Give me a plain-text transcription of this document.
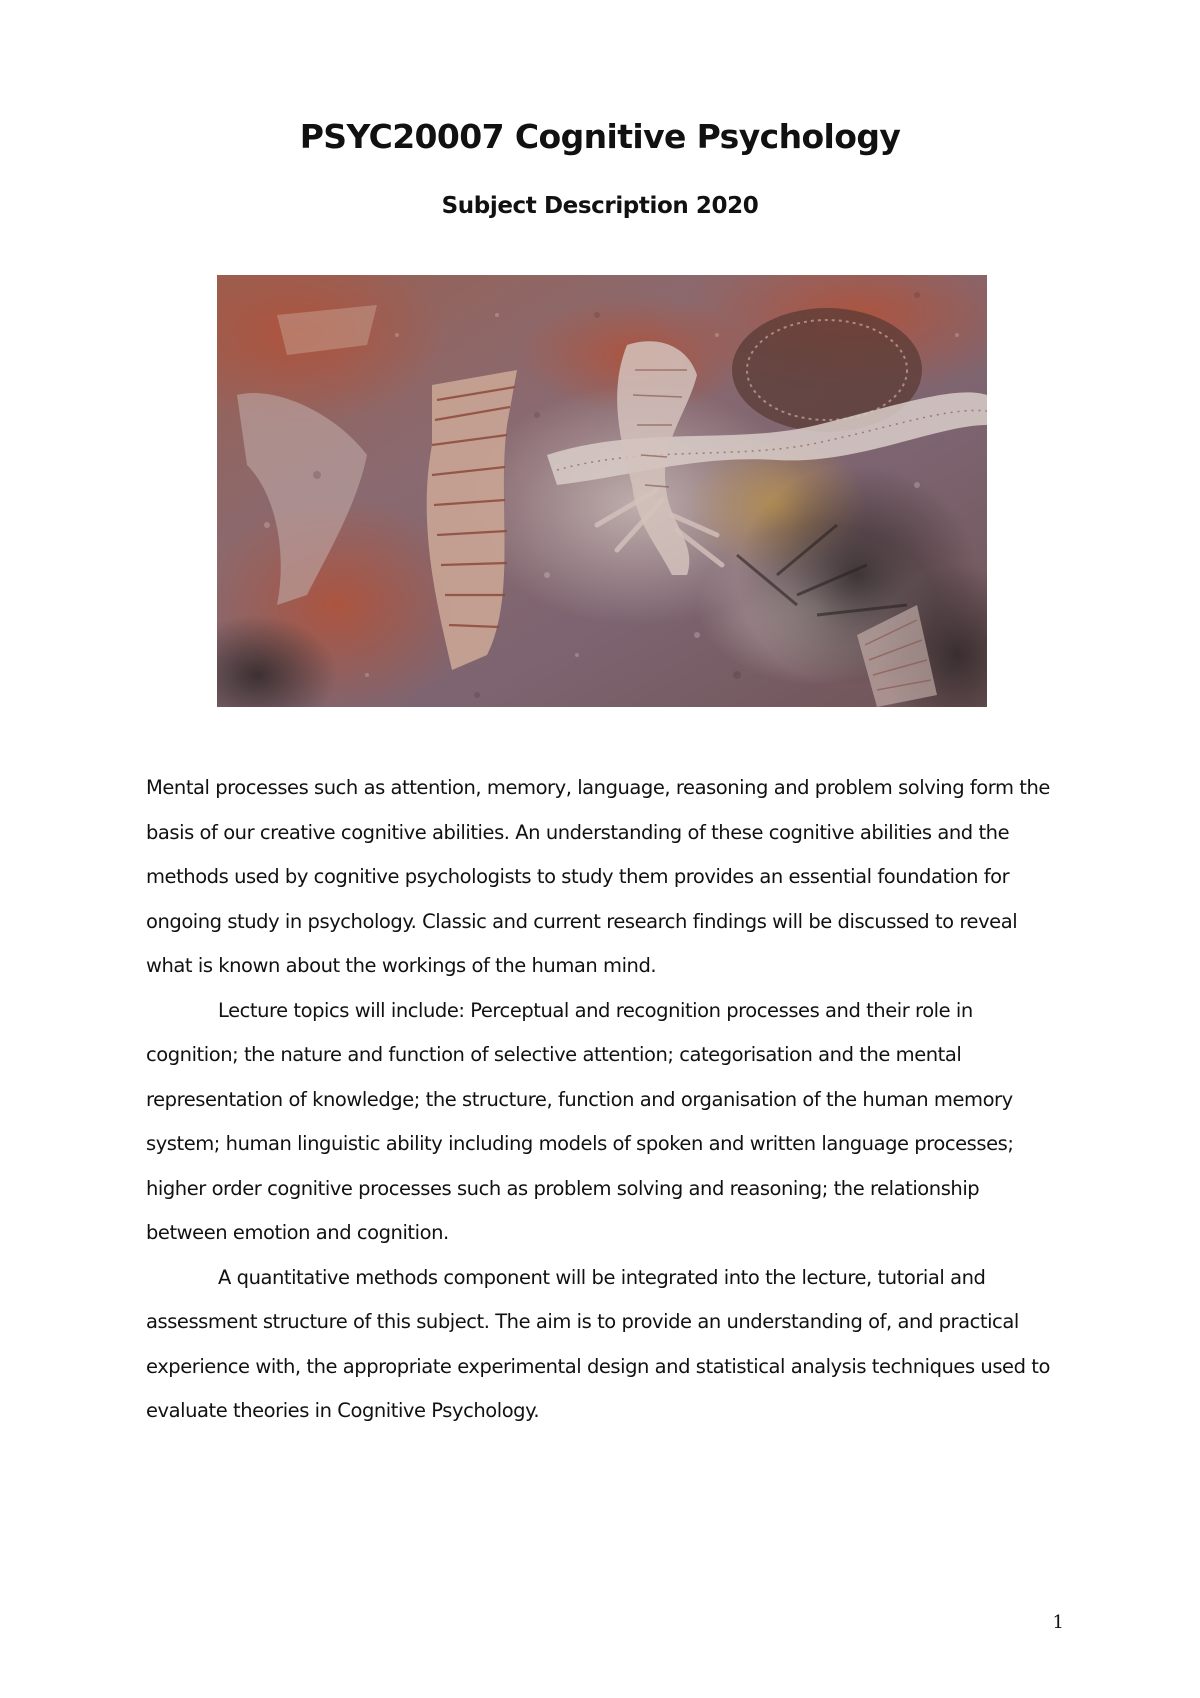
PSYC20007 Cognitive Psychology
Subject Description 2020

Mental processes such as attention, memory, language, reasoning and problem solving form the basis of our creative cognitive abilities. An understanding of these cognitive abilities and the methods used by cognitive psychologists to study them provides an essential foundation for ongoing study in psychology. Classic and current research findings will be discussed to reveal what is known about the workings of the human mind.

Lecture topics will include: Perceptual and recognition processes and their role in cognition; the nature and function of selective attention; categorisation and the mental representation of knowledge; the structure, function and organisation of the human memory system; human linguistic ability including models of spoken and written language processes; higher order cognitive processes such as problem solving and reasoning; the relationship between emotion and cognition.

A quantitative methods component will be integrated into the lecture, tutorial and assessment structure of this subject. The aim is to provide an understanding of, and practical experience with, the appropriate experimental design and statistical analysis techniques used to evaluate theories in Cognitive Psychology.

1
